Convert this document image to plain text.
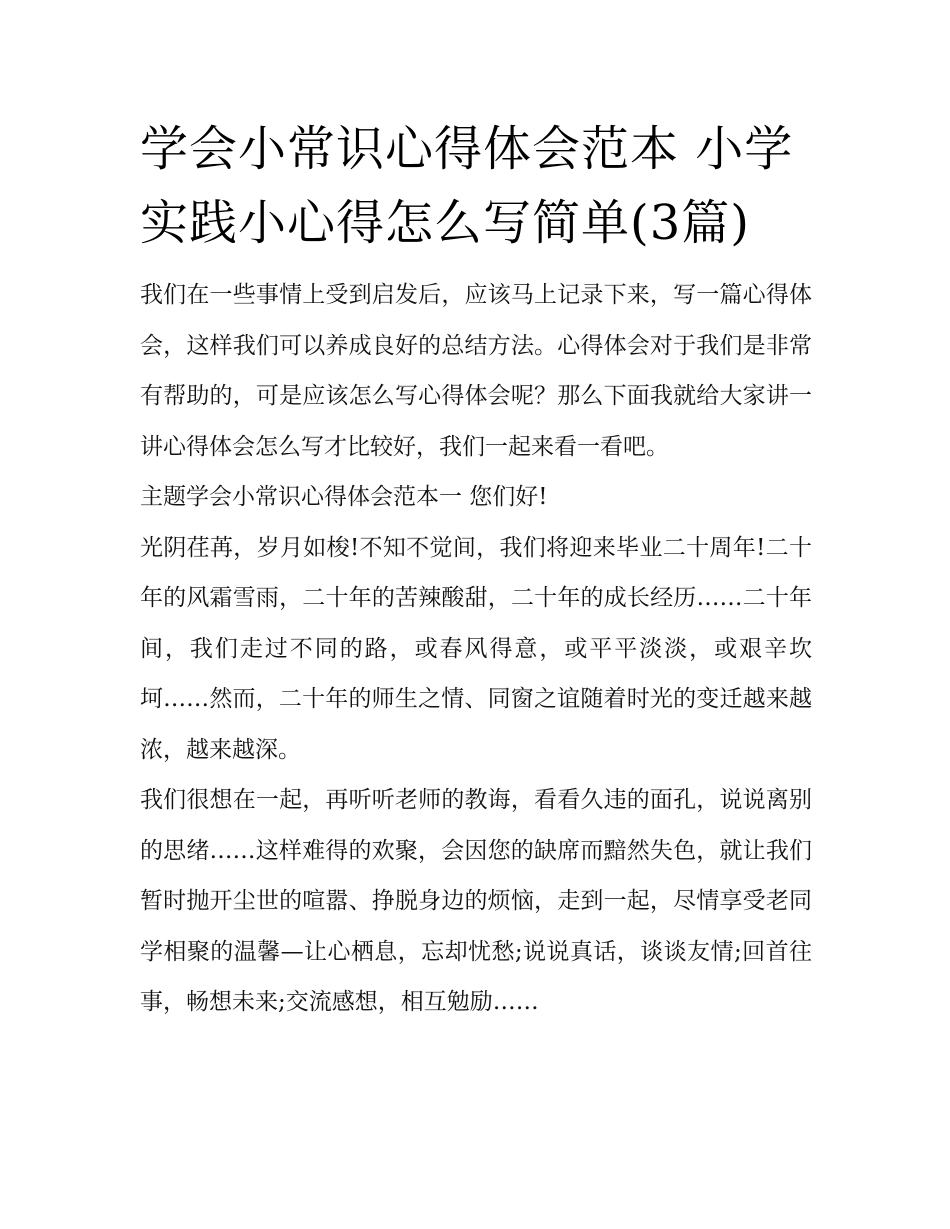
学会小常识心得体会范本 小学实践小心得怎么写简单(3篇)

我们在一些事情上受到启发后，应该马上记录下来，写一篇心得体会，这样我们可以养成良好的总结方法。心得体会对于我们是非常有帮助的，可是应该怎么写心得体会呢？那么下面我就给大家讲一讲心得体会怎么写才比较好，我们一起来看一看吧。

主题学会小常识心得体会范本一 您们好!

光阴荏苒，岁月如梭!不知不觉间，我们将迎来毕业二十周年!二十年的风霜雪雨，二十年的苦辣酸甜，二十年的成长经历……二十年间，我们走过不同的路，或春风得意，或平平淡淡，或艰辛坎坷……然而，二十年的师生之情、同窗之谊随着时光的变迁越来越浓，越来越深。

我们很想在一起，再听听老师的教诲，看看久违的面孔，说说离别的思绪……这样难得的欢聚，会因您的缺席而黯然失色，就让我们暂时抛开尘世的喧嚣、挣脱身边的烦恼，走到一起，尽情享受老同学相聚的温馨—让心栖息，忘却忧愁;说说真话，谈谈友情;回首往事，畅想未来;交流感想，相互勉励……
